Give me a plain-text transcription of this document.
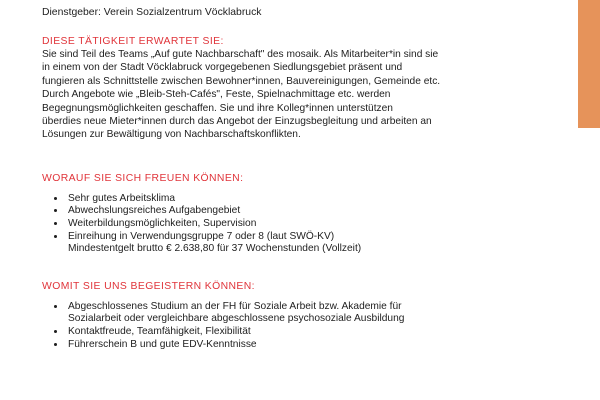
Dienstgeber: Verein Sozialzentrum Vöcklabruck

DIESE TÄTIGKEIT ERWARTET SIE:

Sie sind Teil des Teams „Auf gute Nachbarschaft" des mosaik. Als Mitarbeiter*in sind sie
in einem von der Stadt Vöcklabruck vorgegebenen Siedlungsgebiet präsent und
fungieren als Schnittstelle zwischen Bewohner*innen, Bauvereinigungen, Gemeinde etc.
Durch Angebote wie „Bleib-Steh-Cafés", Feste, Spielnachmittage etc. werden
Begegnungsmöglichkeiten geschaffen. Sie und ihre Kolleg*innen unterstützen
überdies neue Mieter*innen durch das Angebot der Einzugsbegleitung und arbeiten an
Lösungen zur Bewältigung von Nachbarschaftskonflikten.

WORAUF SIE SICH FREUEN KÖNNEN:

• Sehr gutes Arbeitsklima
• Abwechslungsreiches Aufgabengebiet
• Weiterbildungsmöglichkeiten, Supervision
• Einreihung in Verwendungsgruppe 7 oder 8 (laut SWÖ-KV)
Mindestentgelt brutto € 2.638,80 für 37 Wochenstunden (Vollzeit)

WOMIT SIE UNS BEGEISTERN KÖNNEN:

• Abgeschlossenes Studium an der FH für Soziale Arbeit bzw. Akademie für
Sozialarbeit oder vergleichbare abgeschlossene psychosoziale Ausbildung
• Kontaktfreude, Teamfähigkeit, Flexibilität
• Führerschein B und gute EDV-Kenntnisse
